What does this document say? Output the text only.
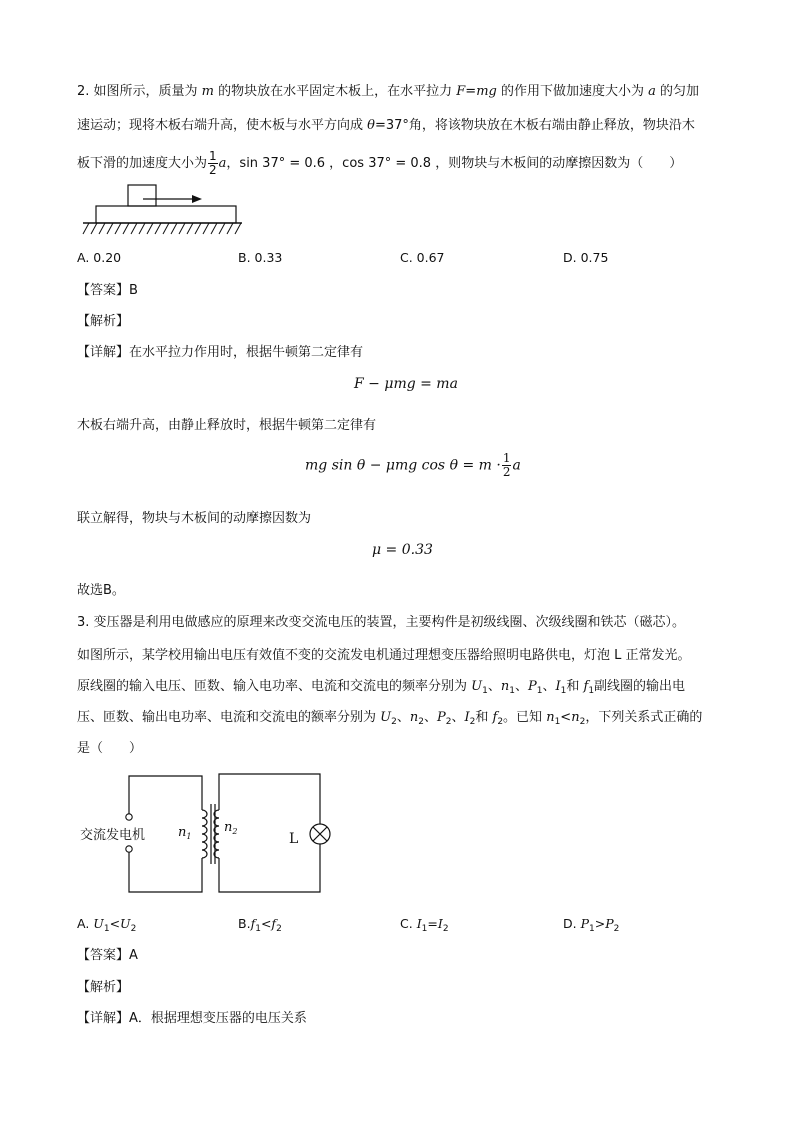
2. 如图所示，质量为 m 的物块放在水平固定木板上，在水平拉力 F=mg 的作用下做加速度大小为 a 的匀加
速运动；现将木板右端升高，使木板与水平方向成 θ=37°角，将该物块放在木板右端由静止释放，物块沿木
板下滑的加速度大小为 $\frac{1}{2}$ a，sin 37° = 0.6 ，cos 37° = 0.8 ，则物块与木板间的动摩擦因数为（　　）
A. 0.20	B. 0.33	C. 0.67	D. 0.75
【答案】B
【解析】
【详解】在水平拉力作用时，根据牛顿第二定律有
F − μmg = ma
木板右端升高，由静止释放时，根据牛顿第二定律有
mg sin θ − μmg $\cos \theta = m \cdot \frac{1}{2}$ a
联立解得，物块与木板间的动摩擦因数为
μ = 0.33
故选B。
3. 变压器是利用电做感应的原理来改变交流电压的装置，主要构件是初级线圈、次级线圈和铁芯（磁芯）。
如图所示，某学校用输出电压有效值不变的交流发电机通过理想变压器给照明电路供电，灯泡 L 正常发光。
原线圈的输入电压、匝数、输入电功率、电流和交流电的频率分别为 $U_1$、$n_1$、$P_1$、$I_1$和 $f_1$副线圈的输出电
压、匝数、输出电功率、电流和交流电的额率分别为 $U_2$、$n_2$、$P_2$、$I_2$和 $f_2$。已知 $n_1<n_2$，下列关系式正确的
是（　　）
交流发电机	$n_1$
$n_2$	L
A. $U_1<U_2$	$B.f_1<f_2$	C. $I_1=I_2$	D. $P_1>P_2$
【答案】A
【解析】
【详解】A．根据理想变压器的电压关系
